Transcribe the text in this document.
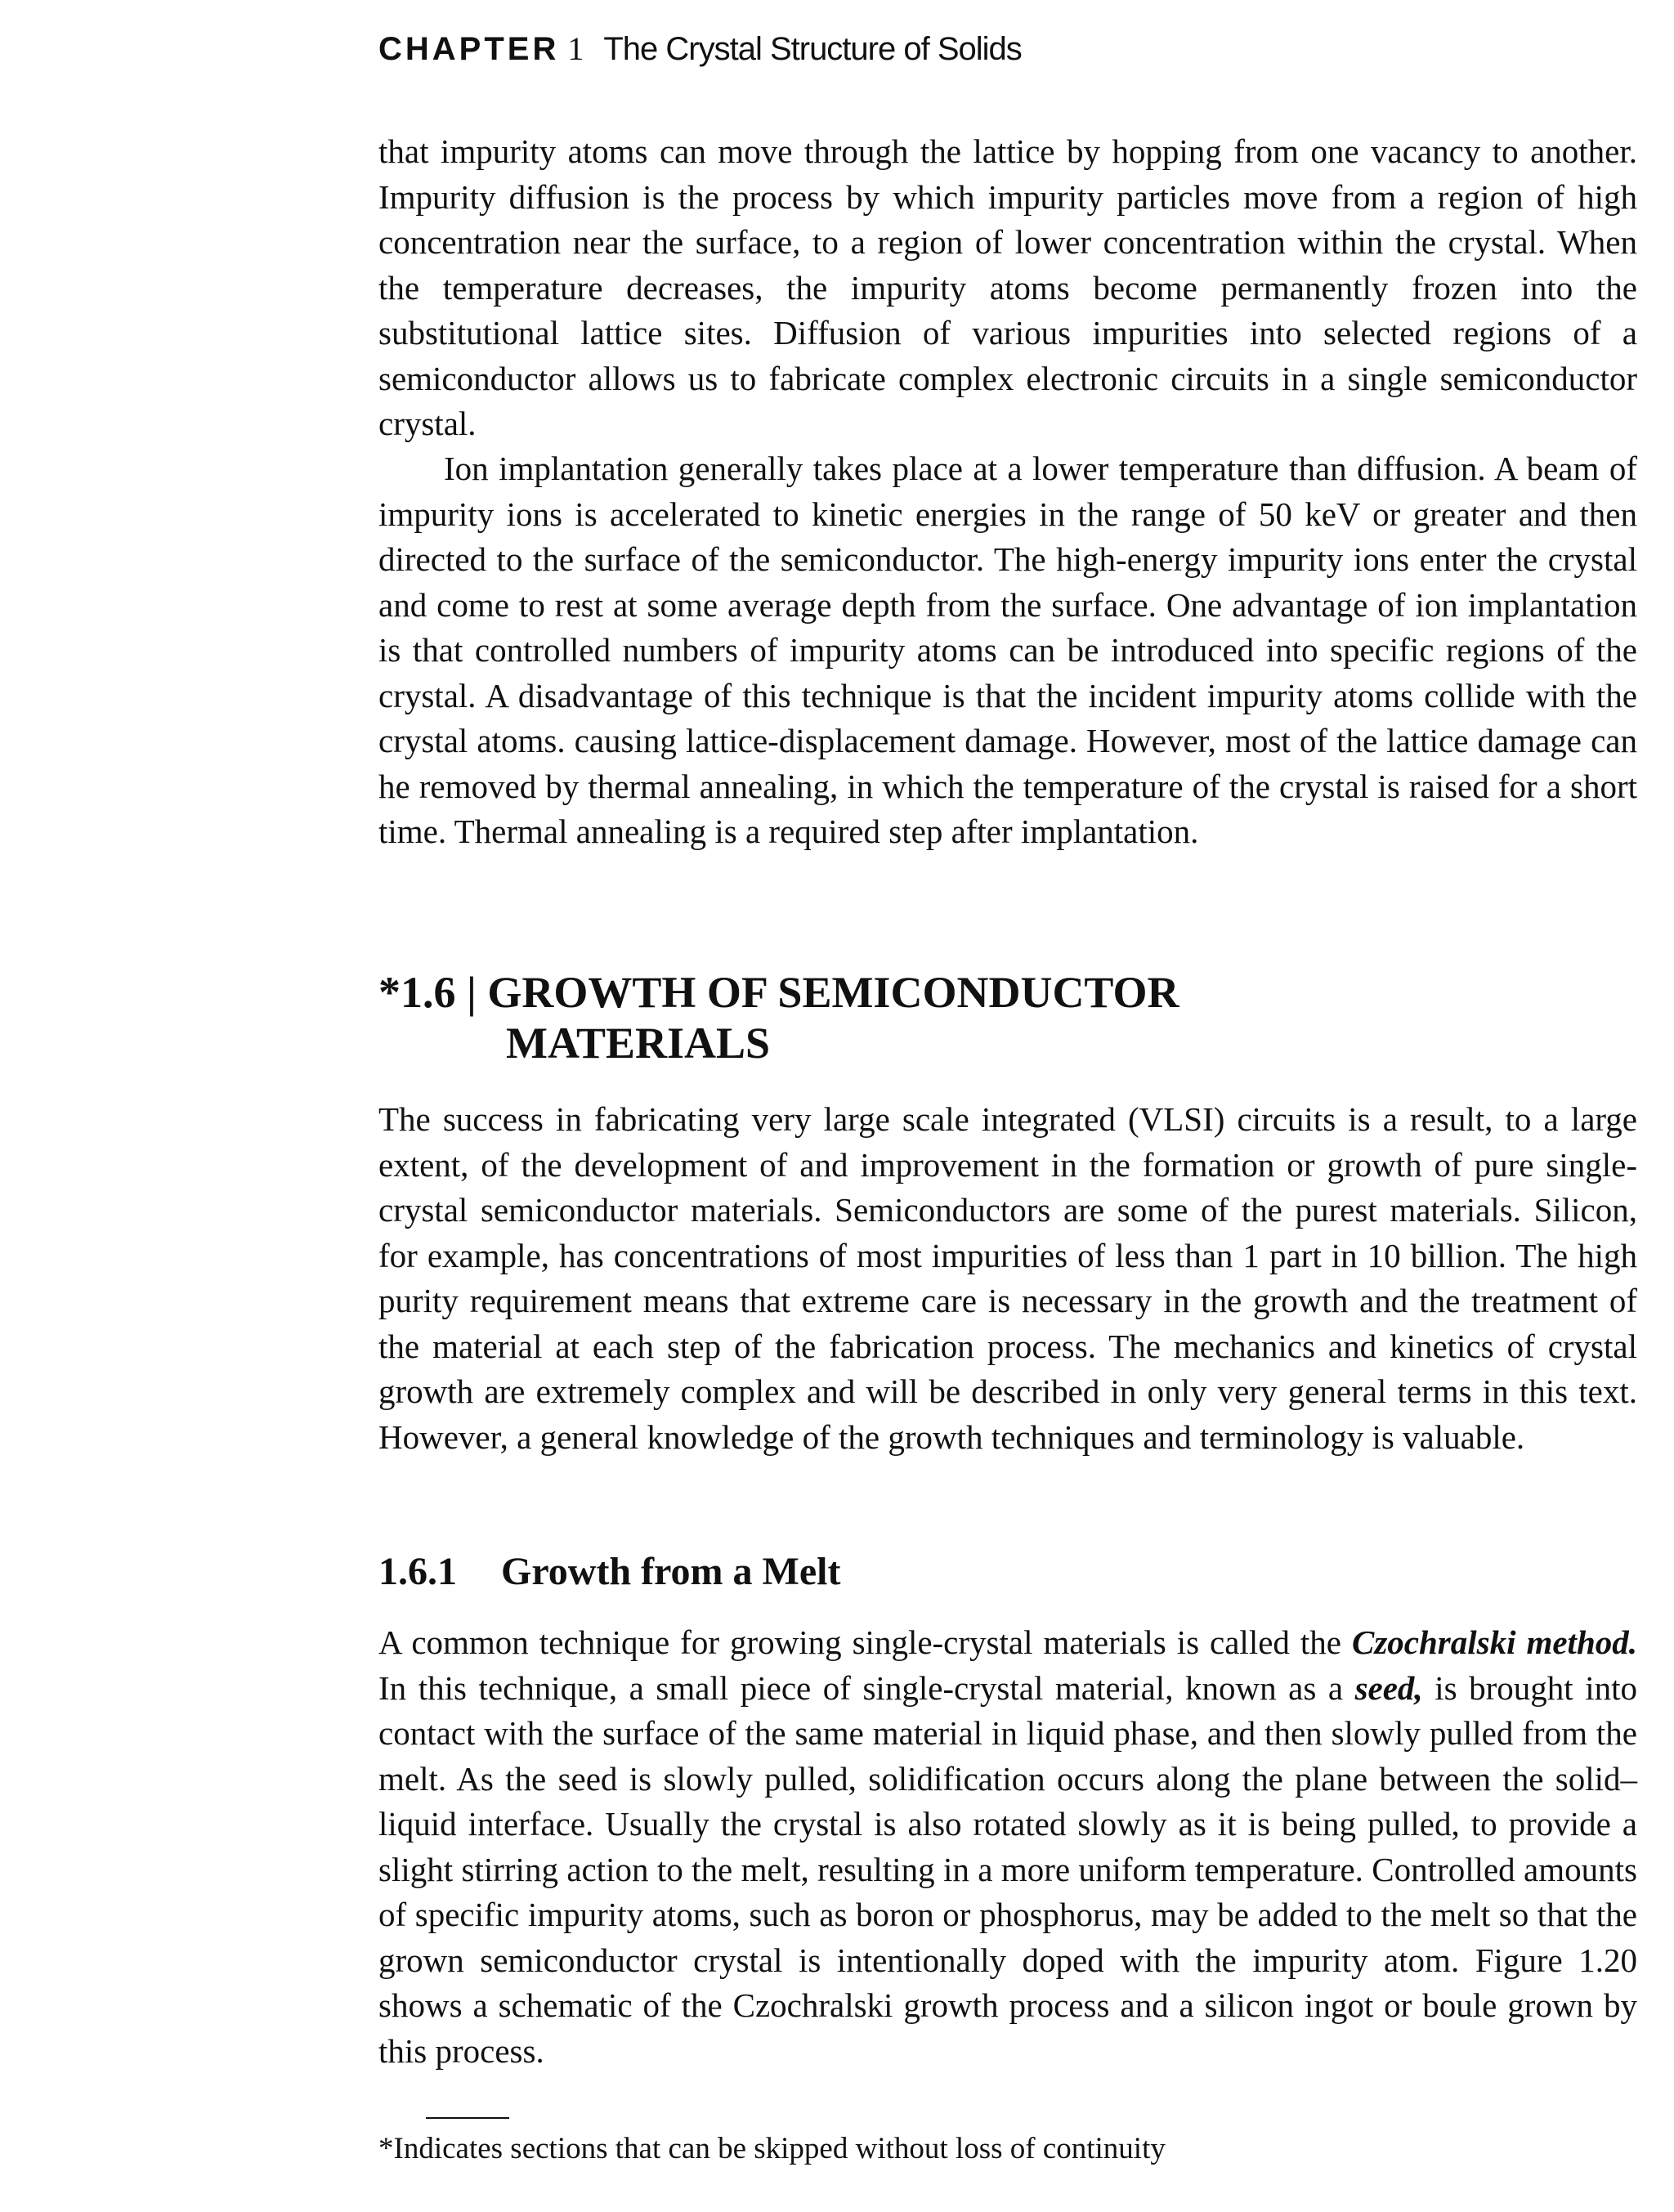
CHAPTER 1 The Crystal Structure of Solids

that impurity atoms can move through the lattice by hopping from one vacancy to another. Impurity diffusion is the process by which impurity particles move from a region of high concentration near the surface, to a region of lower concentration within the crystal. When the temperature decreases, the impurity atoms become permanently frozen into the substitutional lattice sites. Diffusion of various impurities into selected regions of a semiconductor allows us to fabricate complex electronic circuits in a single semiconductor crystal.

Ion implantation generally takes place at a lower temperature than diffusion. A beam of impurity ions is accelerated to kinetic energies in the range of 50 keV or greater and then directed to the surface of the semiconductor. The high-energy impurity ions enter the crystal and come to rest at some average depth from the surface. One advantage of ion implantation is that controlled numbers of impurity atoms can be introduced into specific regions of the crystal. A disadvantage of this technique is that the incident impurity atoms collide with the crystal atoms. causing lattice-displacement damage. However, most of the lattice damage can he removed by thermal annealing, in which the temperature of the crystal is raised for a short time. Thermal annealing is a required step after implantation.

*1.6 | GROWTH OF SEMICONDUCTOR
MATERIALS

The success in fabricating very large scale integrated (VLSI) circuits is a result, to a large extent, of the development of and improvement in the formation or growth of pure single-crystal semiconductor materials. Semiconductors are some of the purest materials. Silicon, for example, has concentrations of most impurities of less than 1 part in 10 billion. The high purity requirement means that extreme care is necessary in the growth and the treatment of the material at each step of the fabrication process. The mechanics and kinetics of crystal growth are extremely complex and will be described in only very general terms in this text. However, a general knowledge of the growth techniques and terminology is valuable.

1.6.1 Growth from a Melt

A common technique for growing single-crystal materials is called the Czochralski method. In this technique, a small piece of single-crystal material, known as a seed, is brought into contact with the surface of the same material in liquid phase, and then slowly pulled from the melt. As the seed is slowly pulled, solidification occurs along the plane between the solid–liquid interface. Usually the crystal is also rotated slowly as it is being pulled, to provide a slight stirring action to the melt, resulting in a more uniform temperature. Controlled amounts of specific impurity atoms, such as boron or phosphorus, may be added to the melt so that the grown semiconductor crystal is intentionally doped with the impurity atom. Figure 1.20 shows a schematic of the Czochralski growth process and a silicon ingot or boule grown by this process.

*Indicates sections that can be skipped without loss of continuity
